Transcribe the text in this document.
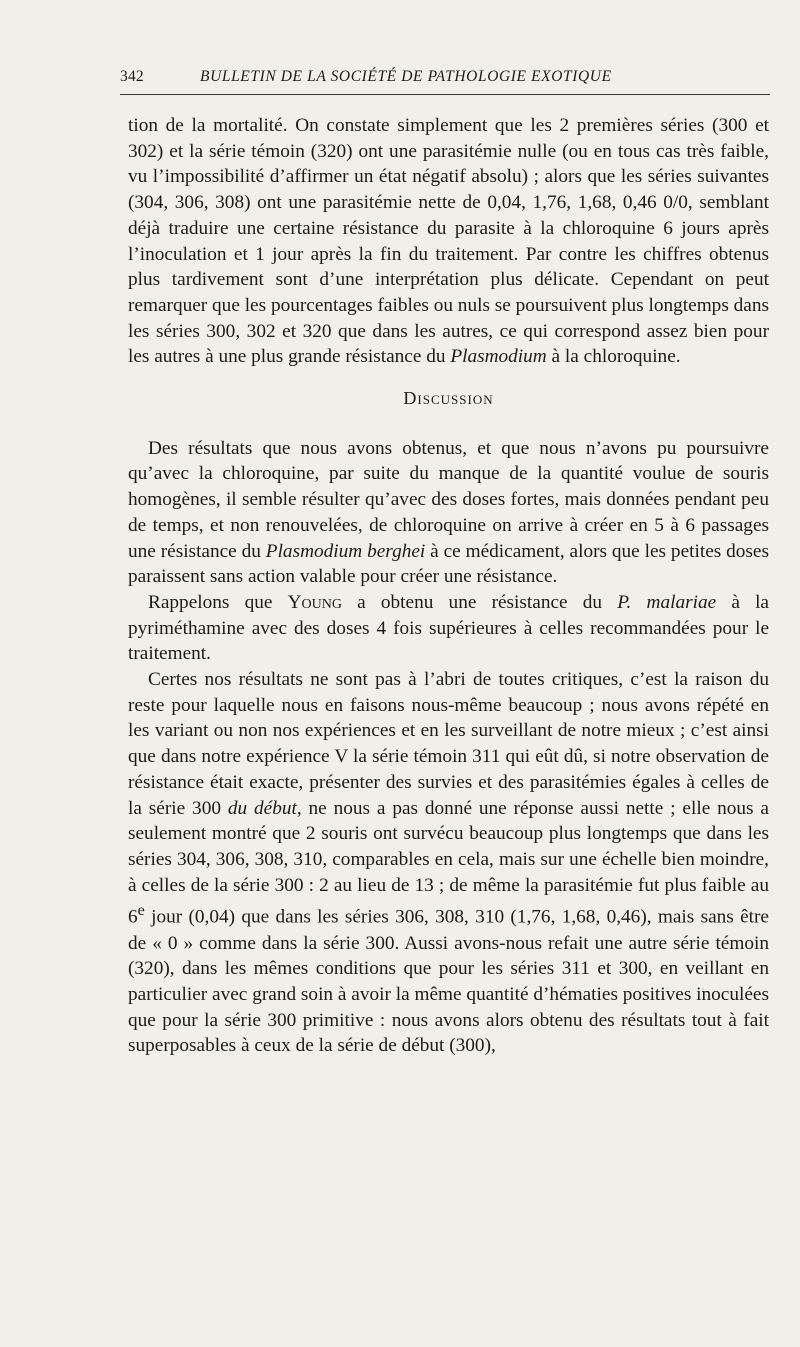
342	BULLETIN DE LA SOCIÉTÉ DE PATHOLOGIE EXOTIQUE

tion de la mortalité. On constate simplement que les 2 premières séries (300 et 302) et la série témoin (320) ont une parasitémie nulle (ou en tous cas très faible, vu l’impossibilité d’affirmer un état négatif absolu) ; alors que les séries suivantes (304, 306, 308) ont une parasitémie nette de 0,04, 1,76, 1,68, 0,46 0/0, semblant déjà traduire une certaine résistance du parasite à la chloroquine 6 jours après l’inoculation et 1 jour après la fin du traitement. Par contre les chiffres obtenus plus tardivement sont d’une interprétation plus délicate. Cependant on peut remarquer que les pourcentages faibles ou nuls se poursuivent plus longtemps dans les séries 300, 302 et 320 que dans les autres, ce qui correspond assez bien pour les autres à une plus grande résistance du Plasmodium à la chloroquine.

Discussion

Des résultats que nous avons obtenus, et que nous n’avons pu poursuivre qu’avec la chloroquine, par suite du manque de la quantité voulue de souris homogènes, il semble résulter qu’avec des doses fortes, mais données pendant peu de temps, et non renouvelées, de chloroquine on arrive à créer en 5 à 6 passages une résistance du Plasmodium berghei à ce médicament, alors que les petites doses paraissent sans action valable pour créer une résistance.

Rappelons que Young a obtenu une résistance du P. malariae à la pyriméthamine avec des doses 4 fois supérieures à celles recommandées pour le traitement.

Certes nos résultats ne sont pas à l’abri de toutes critiques, c’est la raison du reste pour laquelle nous en faisons nous-même beaucoup ; nous avons répété en les variant ou non nos expériences et en les surveillant de notre mieux ; c’est ainsi que dans notre expérience V la série témoin 311 qui eût dû, si notre observation de résistance était exacte, présenter des survies et des parasitémies égales à celles de la série 300 du début, ne nous a pas donné une réponse aussi nette ; elle nous a seulement montré que 2 souris ont survécu beaucoup plus longtemps que dans les séries 304, 306, 308, 310, comparables en cela, mais sur une échelle bien moindre, à celles de la série 300 : 2 au lieu de 13 ; de même la parasitémie fut plus faible au 6e jour (0,04) que dans les séries 306, 308, 310 (1,76, 1,68, 0,46), mais sans être de « 0 » comme dans la série 300. Aussi avons-nous refait une autre série témoin (320), dans les mêmes conditions que pour les séries 311 et 300, en veillant en particulier avec grand soin à avoir la même quantité d’hématies positives inoculées que pour la série 300 primitive : nous avons alors obtenu des résultats tout à fait superposables à ceux de la série de début (300),
